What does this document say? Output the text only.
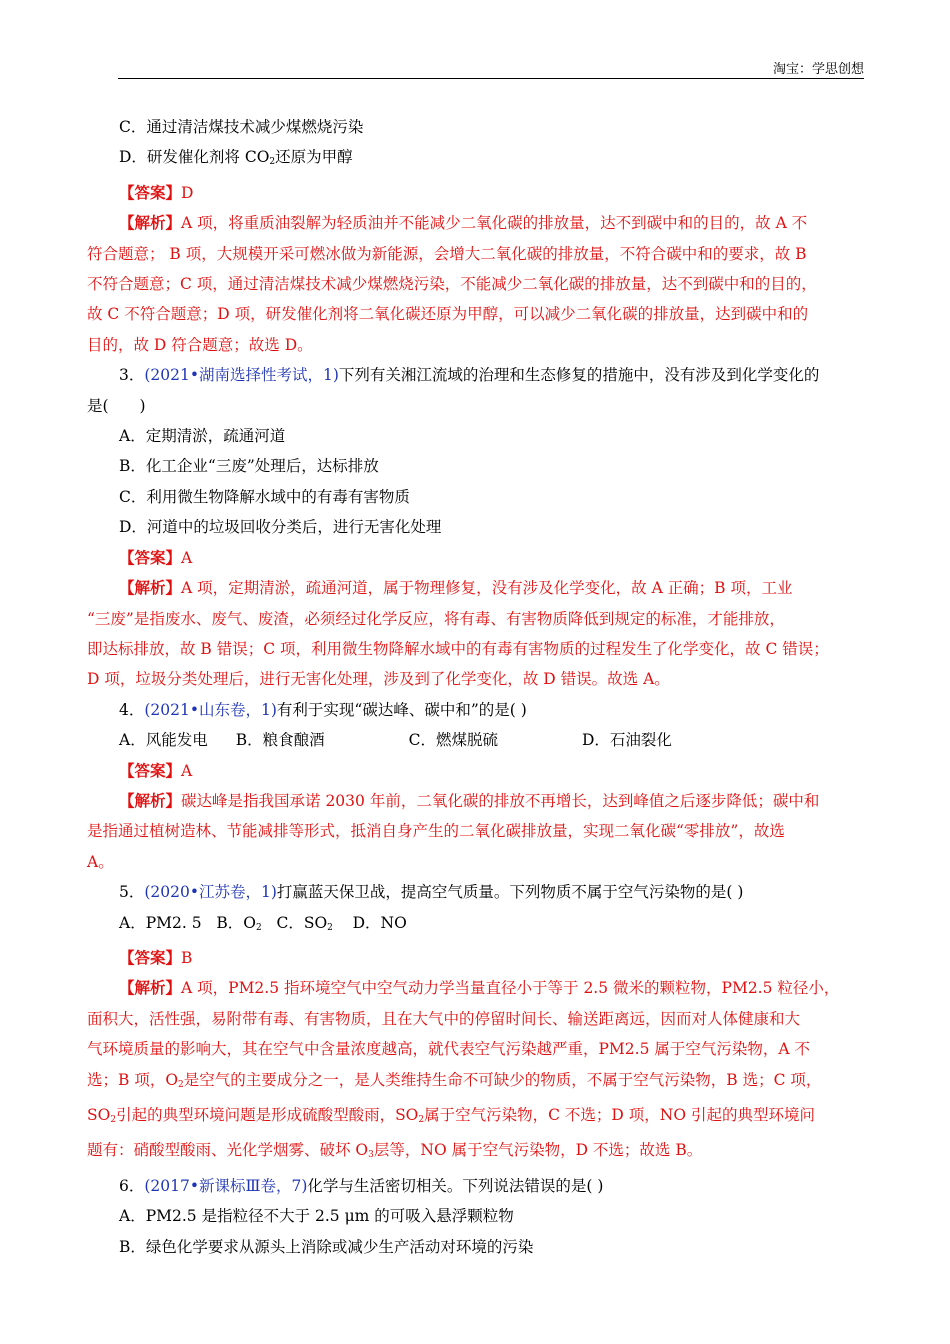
淘宝：学思创想
C．通过清洁煤技术减少煤燃烧污染
D．研发催化剂将 $CO_2$还原为甲醇
【答案】D
【解析】A 项，将重质油裂解为轻质油并不能减少二氧化碳的排放量，达不到碳中和的目的，故 A 不
符合题意； B 项，大规模开采可燃冰做为新能源，会增大二氧化碳的排放量，不符合碳中和的要求，故 B
不符合题意；C 项，通过清洁煤技术减少煤燃烧污染，不能减少二氧化碳的排放量，达不到碳中和的目的，
故 C 不符合题意；D 项，研发催化剂将二氧化碳还原为甲醇，可以减少二氧化碳的排放量，达到碳中和的
目的，故 D 符合题意；故选 D。
3．(2021•湖南选择性考试，1)下列有关湘江流域的治理和生态修复的措施中，没有涉及到化学变化的
是(　　)
A．定期清淤，疏通河道
B．化工企业“三废”处理后，达标排放
C．利用微生物降解水域中的有毒有害物质
D．河道中的垃圾回收分类后，进行无害化处理
【答案】A
【解析】A 项，定期清淤，疏通河道，属于物理修复，没有涉及化学变化，故 A 正确；B 项，工业
“三废”是指废水、废气、废渣，必须经过化学反应，将有毒、有害物质降低到规定的标准，才能排放，
即达标排放，故 B 错误；C 项，利用微生物降解水域中的有毒有害物质的过程发生了化学变化，故 C 错误；
D 项，垃圾分类处理后，进行无害化处理，涉及到了化学变化，故 D 错误。故选 A。
4．(2021•山东卷，1)有利于实现“碳达峰、碳中和”的是( )
A．风能发电 B．粮食酿酒	C．燃煤脱硫	D．石油裂化
【答案】A
【解析】碳达峰是指我国承诺 2030 年前，二氧化碳的排放不再增长，达到峰值之后逐步降低；碳中和
是指通过植树造林、节能减排等形式，抵消自身产生的二氧化碳排放量，实现二氧化碳“零排放”，故选
A。
5．(2020•江苏卷，1)打赢蓝天保卫战，提高空气质量。下列物质不属于空气污染物的是( )
A．PM2. 5 B．$O_2$ C．$SO_2$ D．NO
【答案】B
【解析】A 项，PM2.5 指环境空气中空气动力学当量直径小于等于 2.5 微米的颗粒物，PM2.5 粒径小，
面积大，活性强，易附带有毒、有害物质，且在大气中的停留时间长、输送距离远，因而对人体健康和大
气环境质量的影响大，其在空气中含量浓度越高，就代表空气污染越严重，PM2.5 属于空气污染物，A 不
选；B 项，$O_2$是空气的主要成分之一，是人类维持生命不可缺少的物质，不属于空气污染物，B 选；C 项，
$SO_2$引起的典型环境问题是形成硫酸型酸雨，$SO_2$属于空气污染物，C 不选；D 项，NO 引起的典型环境问
题有：硝酸型酸雨、光化学烟雾、破坏 $O_3$层等，NO 属于空气污染物，D 不选；故选 B。
6．(2017•新课标Ⅲ卷，7)化学与生活密切相关。下列说法错误的是( )
A．PM2.5 是指粒径不大于 2.5 μm 的可吸入悬浮颗粒物
B．绿色化学要求从源头上消除或减少生产活动对环境的污染
